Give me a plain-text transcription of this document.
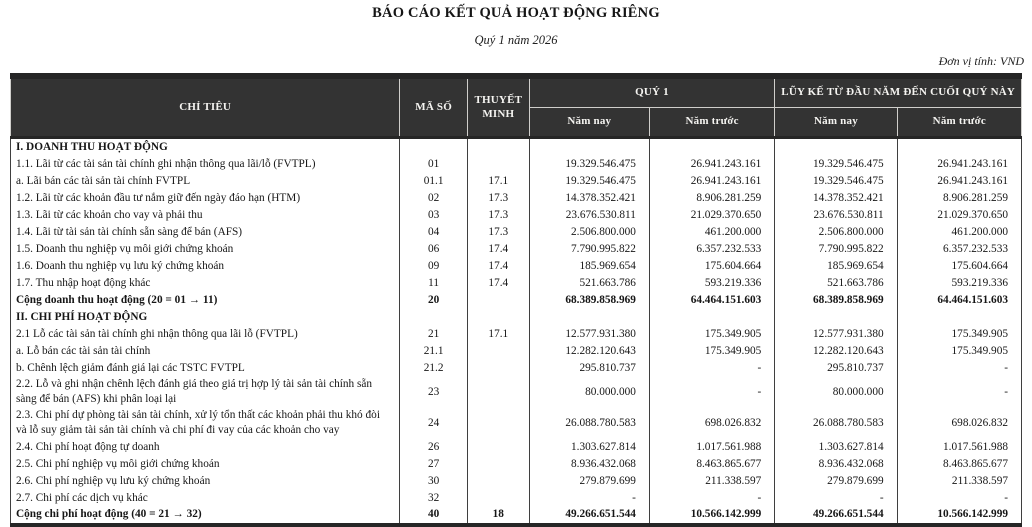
BÁO CÁO KẾT QUẢ HOẠT ĐỘNG RIÊNG
Quý 1 năm 2026
Đơn vị tính: VND
CHỈ TIÊU	MÃ SỐ	THUYẾT MINH	QUÝ 1		LŨY KẾ TỪ ĐẦU NĂM ĐẾN CUỐI QUÝ NÀY	
			Năm nay	Năm trước	Năm nay	Năm trước
I. DOANH THU HOẠT ĐỘNG						
1.1. Lãi từ các tài sản tài chính ghi nhận thông qua lãi/lỗ (FVTPL)	01		19.329.546.475	26.941.243.161	19.329.546.475	26.941.243.161
a. Lãi bán các tài sản tài chính FVTPL	01.1	17.1	19.329.546.475	26.941.243.161	19.329.546.475	26.941.243.161
1.2. Lãi từ các khoản đầu tư nắm giữ đến ngày đáo hạn (HTM)	02	17.3	14.378.352.421	8.906.281.259	14.378.352.421	8.906.281.259
1.3. Lãi từ các khoản cho vay và phải thu	03	17.3	23.676.530.811	21.029.370.650	23.676.530.811	21.029.370.650
1.4. Lãi từ tài sản tài chính sẵn sàng để bán (AFS)	04	17.3	2.506.800.000	461.200.000	2.506.800.000	461.200.000
1.5. Doanh thu nghiệp vụ môi giới chứng khoán	06	17.4	7.790.995.822	6.357.232.533	7.790.995.822	6.357.232.533
1.6. Doanh thu nghiệp vụ lưu ký chứng khoán	09	17.4	185.969.654	175.604.664	185.969.654	175.604.664
1.7. Thu nhập hoạt động khác	11	17.4	521.663.786	593.219.336	521.663.786	593.219.336
Cộng doanh thu hoạt động (20 = 01 → 11)	20		68.389.858.969	64.464.151.603	68.389.858.969	64.464.151.603
II. CHI PHÍ HOẠT ĐỘNG						
2.1 Lỗ các tài sản tài chính ghi nhận thông qua lãi lỗ (FVTPL)	21	17.1	12.577.931.380	175.349.905	12.577.931.380	175.349.905
a. Lỗ bán các tài sản tài chính	21.1		12.282.120.643	175.349.905	12.282.120.643	175.349.905
b. Chênh lệch giảm đánh giá lại các TSTC FVTPL	21.2		295.810.737	-	295.810.737	-
2.2. Lỗ và ghi nhận chênh lệch đánh giá theo giá trị hợp lý tài sản tài chính sẵn sàng để bán (AFS) khi phân loại lại	23		80.000.000	-	80.000.000	-
2.3. Chi phí dự phòng tài sản tài chính, xử lý tổn thất các khoản phải thu khó đòi và lỗ suy giảm tài sản tài chính và chi phí đi vay của các khoản cho vay	24		26.088.780.583	698.026.832	26.088.780.583	698.026.832
2.4. Chi phí hoạt động tự doanh	26		1.303.627.814	1.017.561.988	1.303.627.814	1.017.561.988
2.5. Chi phí nghiệp vụ môi giới chứng khoán	27		8.936.432.068	8.463.865.677	8.936.432.068	8.463.865.677
2.6. Chi phí nghiệp vụ lưu ký chứng khoán	30		279.879.699	211.338.597	279.879.699	211.338.597
2.7. Chi phí các dịch vụ khác	32		-	-	-	-
Cộng chi phí hoạt động (40 = 21 → 32)	40	18	49.266.651.544	10.566.142.999	49.266.651.544	10.566.142.999
